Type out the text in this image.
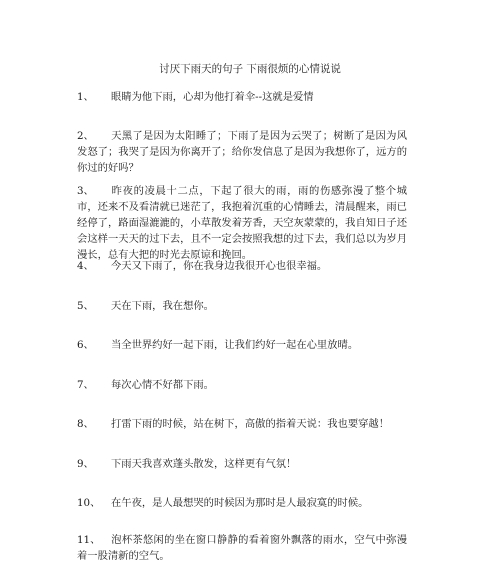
讨厌下雨天的句子 下雨很烦的心情说说
1、 眼睛为他下雨，心却为他打着伞--这就是爱情
2、 天黑了是因为太阳睡了；下雨了是因为云哭了；树断了是因为风发怒了；我哭了是因为你离开了；给你发信息了是因为我想你了，远方的你过的好吗？
3、 昨夜的凌晨十二点，下起了很大的雨，雨的伤感弥漫了整个城市，还来不及看清就已迷茫了，我抱着沉重的心情睡去，清晨醒来，雨已经停了，路面湿漉漉的，小草散发着芳香，天空灰蒙蒙的，我自知日子还会这样一天天的过下去，且不一定会按照我想的过下去，我们总以为岁月漫长，总有大把的时光去原谅和挽回。
4、 今天又下雨了，你在我身边我很开心也很幸福。
5、 天在下雨，我在想你。
6、 当全世界约好一起下雨，让我们约好一起在心里放晴。
7、 每次心情不好都下雨。
8、 打雷下雨的时候，站在树下，高傲的指着天说：我也要穿越！
9、 下雨天我喜欢蓬头散发，这样更有气氛！
10、 在午夜，是人最想哭的时候因为那时是人最寂寞的时候。
11、 泡杯茶悠闲的坐在窗口静静的看着窗外飘落的雨水，空气中弥漫着一股清新的空气。
